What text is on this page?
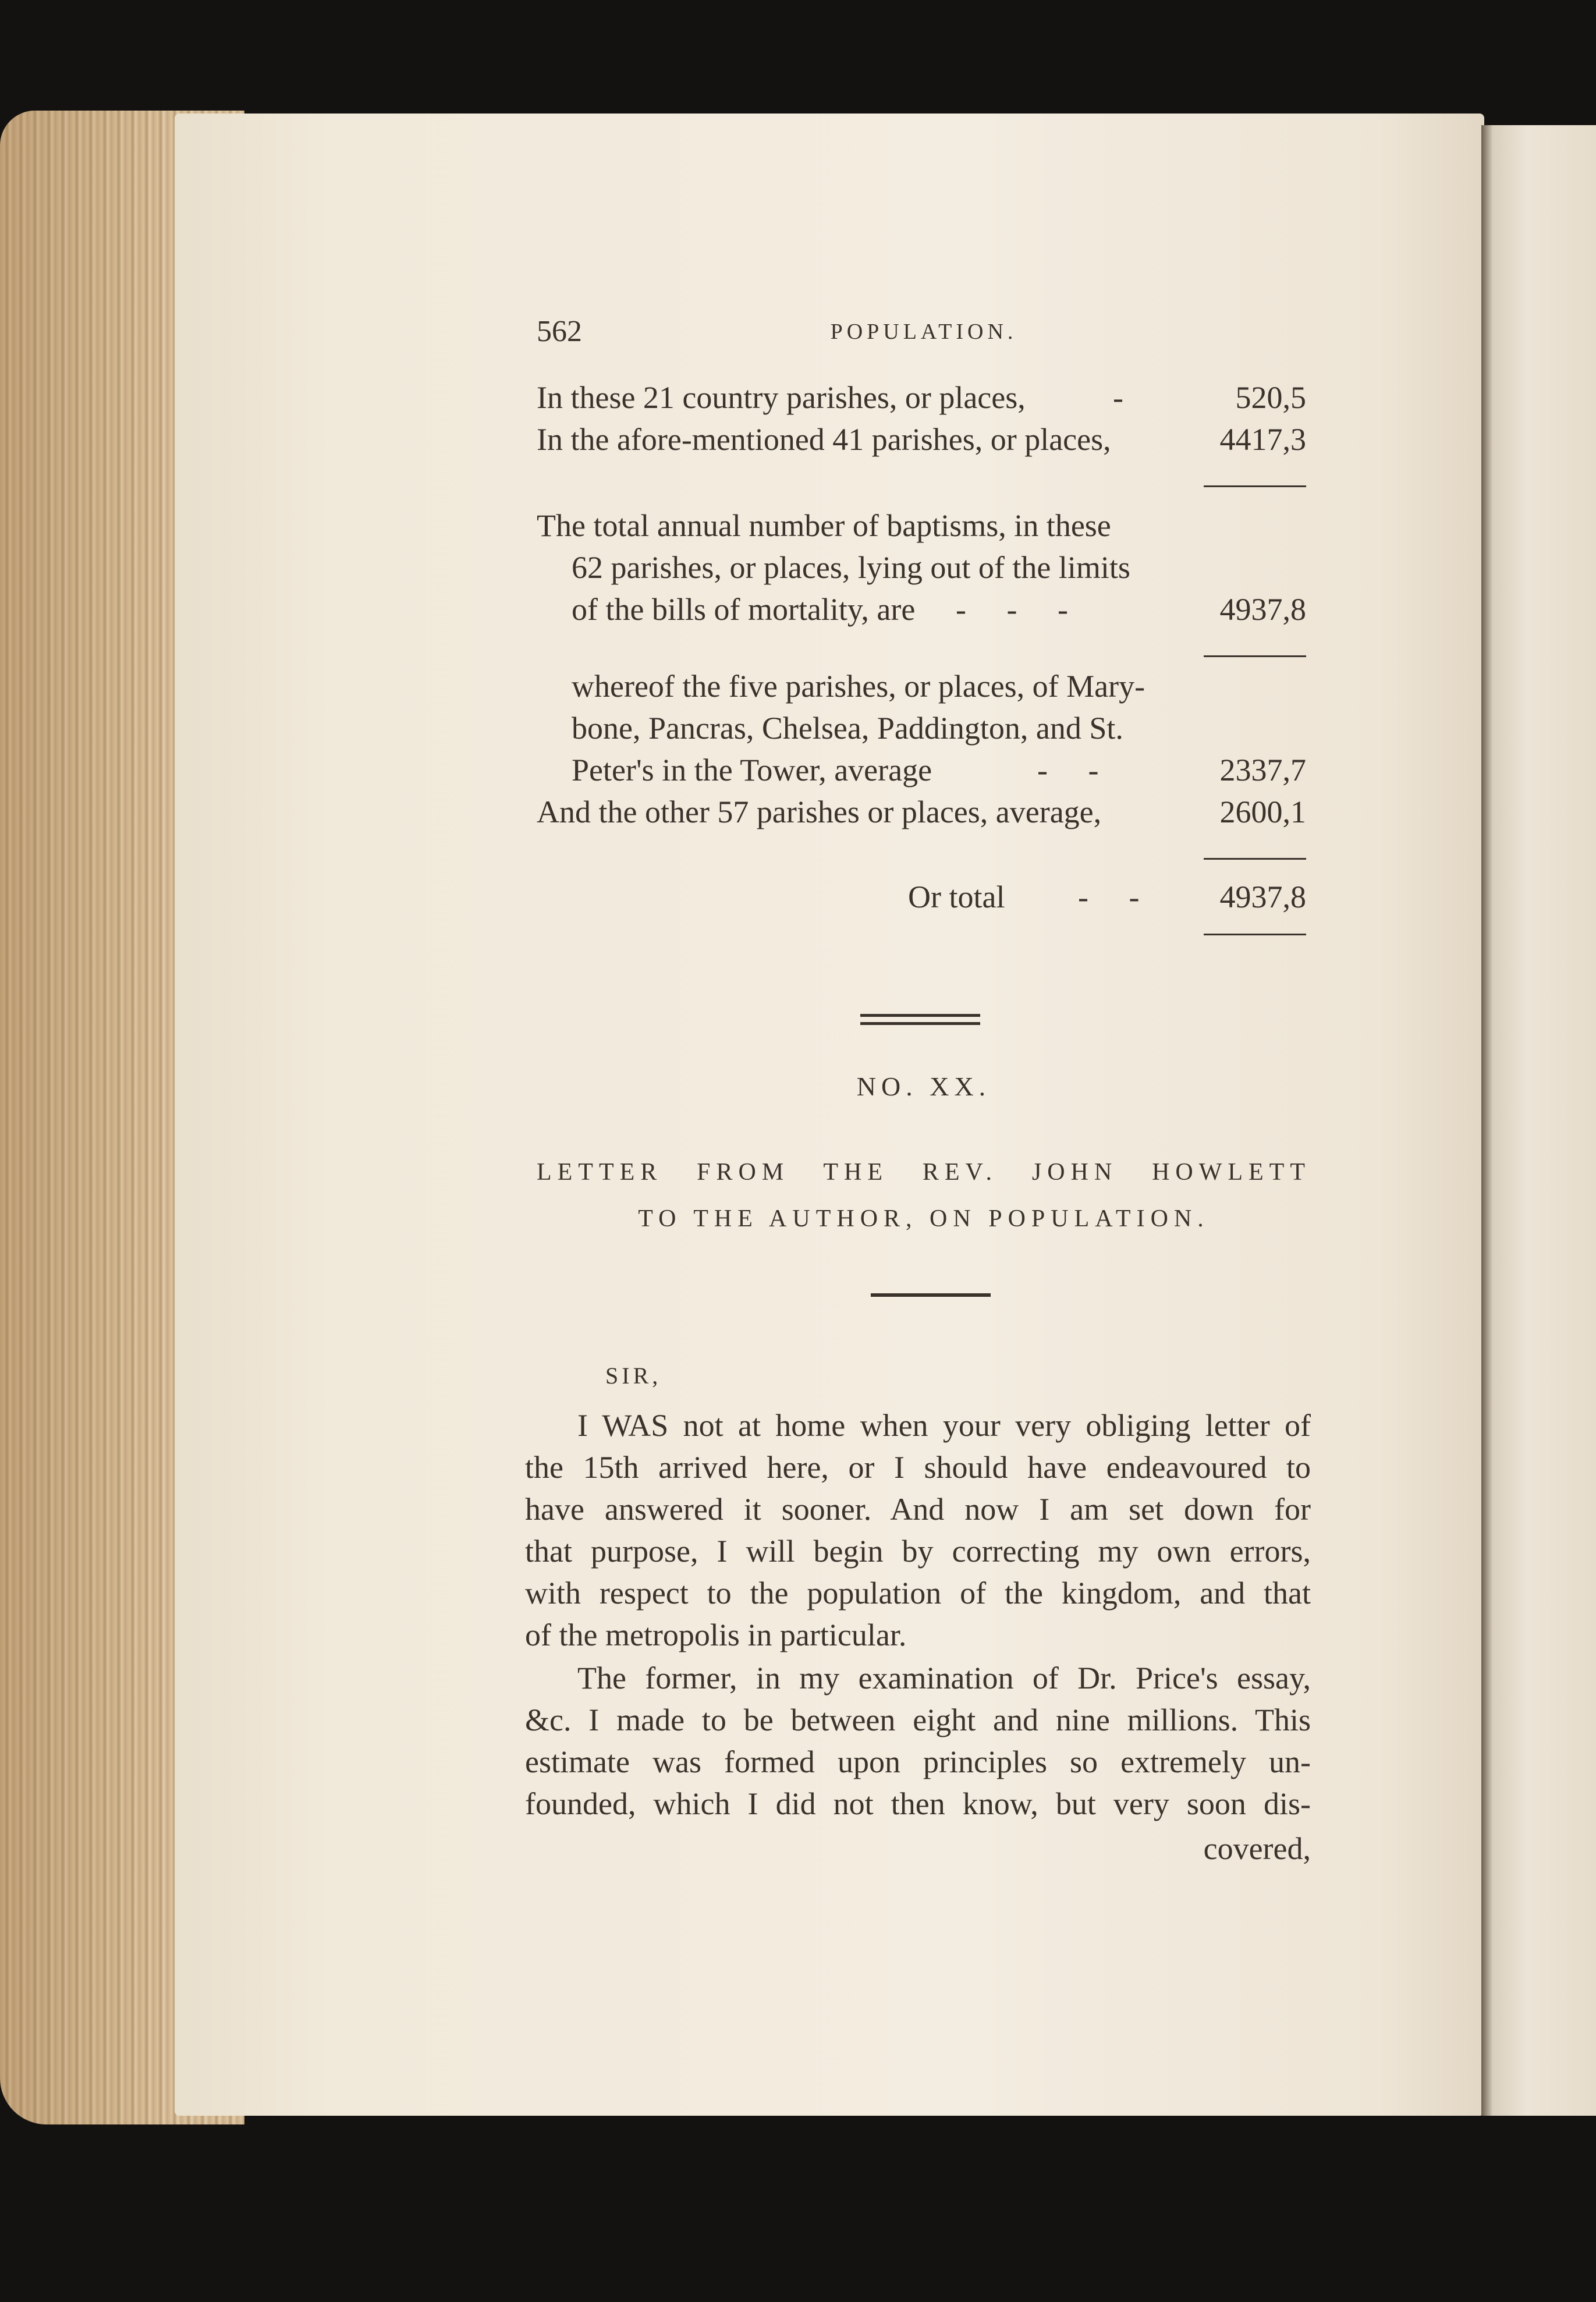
562	POPULATION.
In these 21 country parishes, or places,	-	520,5
In the afore-mentioned 41 parishes, or places,	4417,3
The total annual number of baptisms, in these
62 parishes, or places, lying out of the limits
of the bills of mortality, are - - -	4937,8
whereof the five parishes, or places, of Mary-
bone, Pancras, Chelsea, Paddington, and St.
Peter's in the Tower, average	- -	2337,7
And the other 57 parishes or places, average,	2600,1
Or total - - 4937,8
NO. XX.
LETTER FROM THE REV. JOHN HOWLETT
TO THE AUTHOR, ON POPULATION.
SIR,
I WAS not at home when your very obliging letter of
the 15th arrived here, or I should have endeavoured to
have answered it sooner. And now I am set down for
that purpose, I will begin by correcting my own errors,
with respect to the population of the kingdom, and that
of the metropolis in particular.
The former, in my examination of Dr. Price's essay,
&c. I made to be between eight and nine millions. This
estimate was formed upon principles so extremely un-
founded, which I did not then know, but very soon dis-
covered,
